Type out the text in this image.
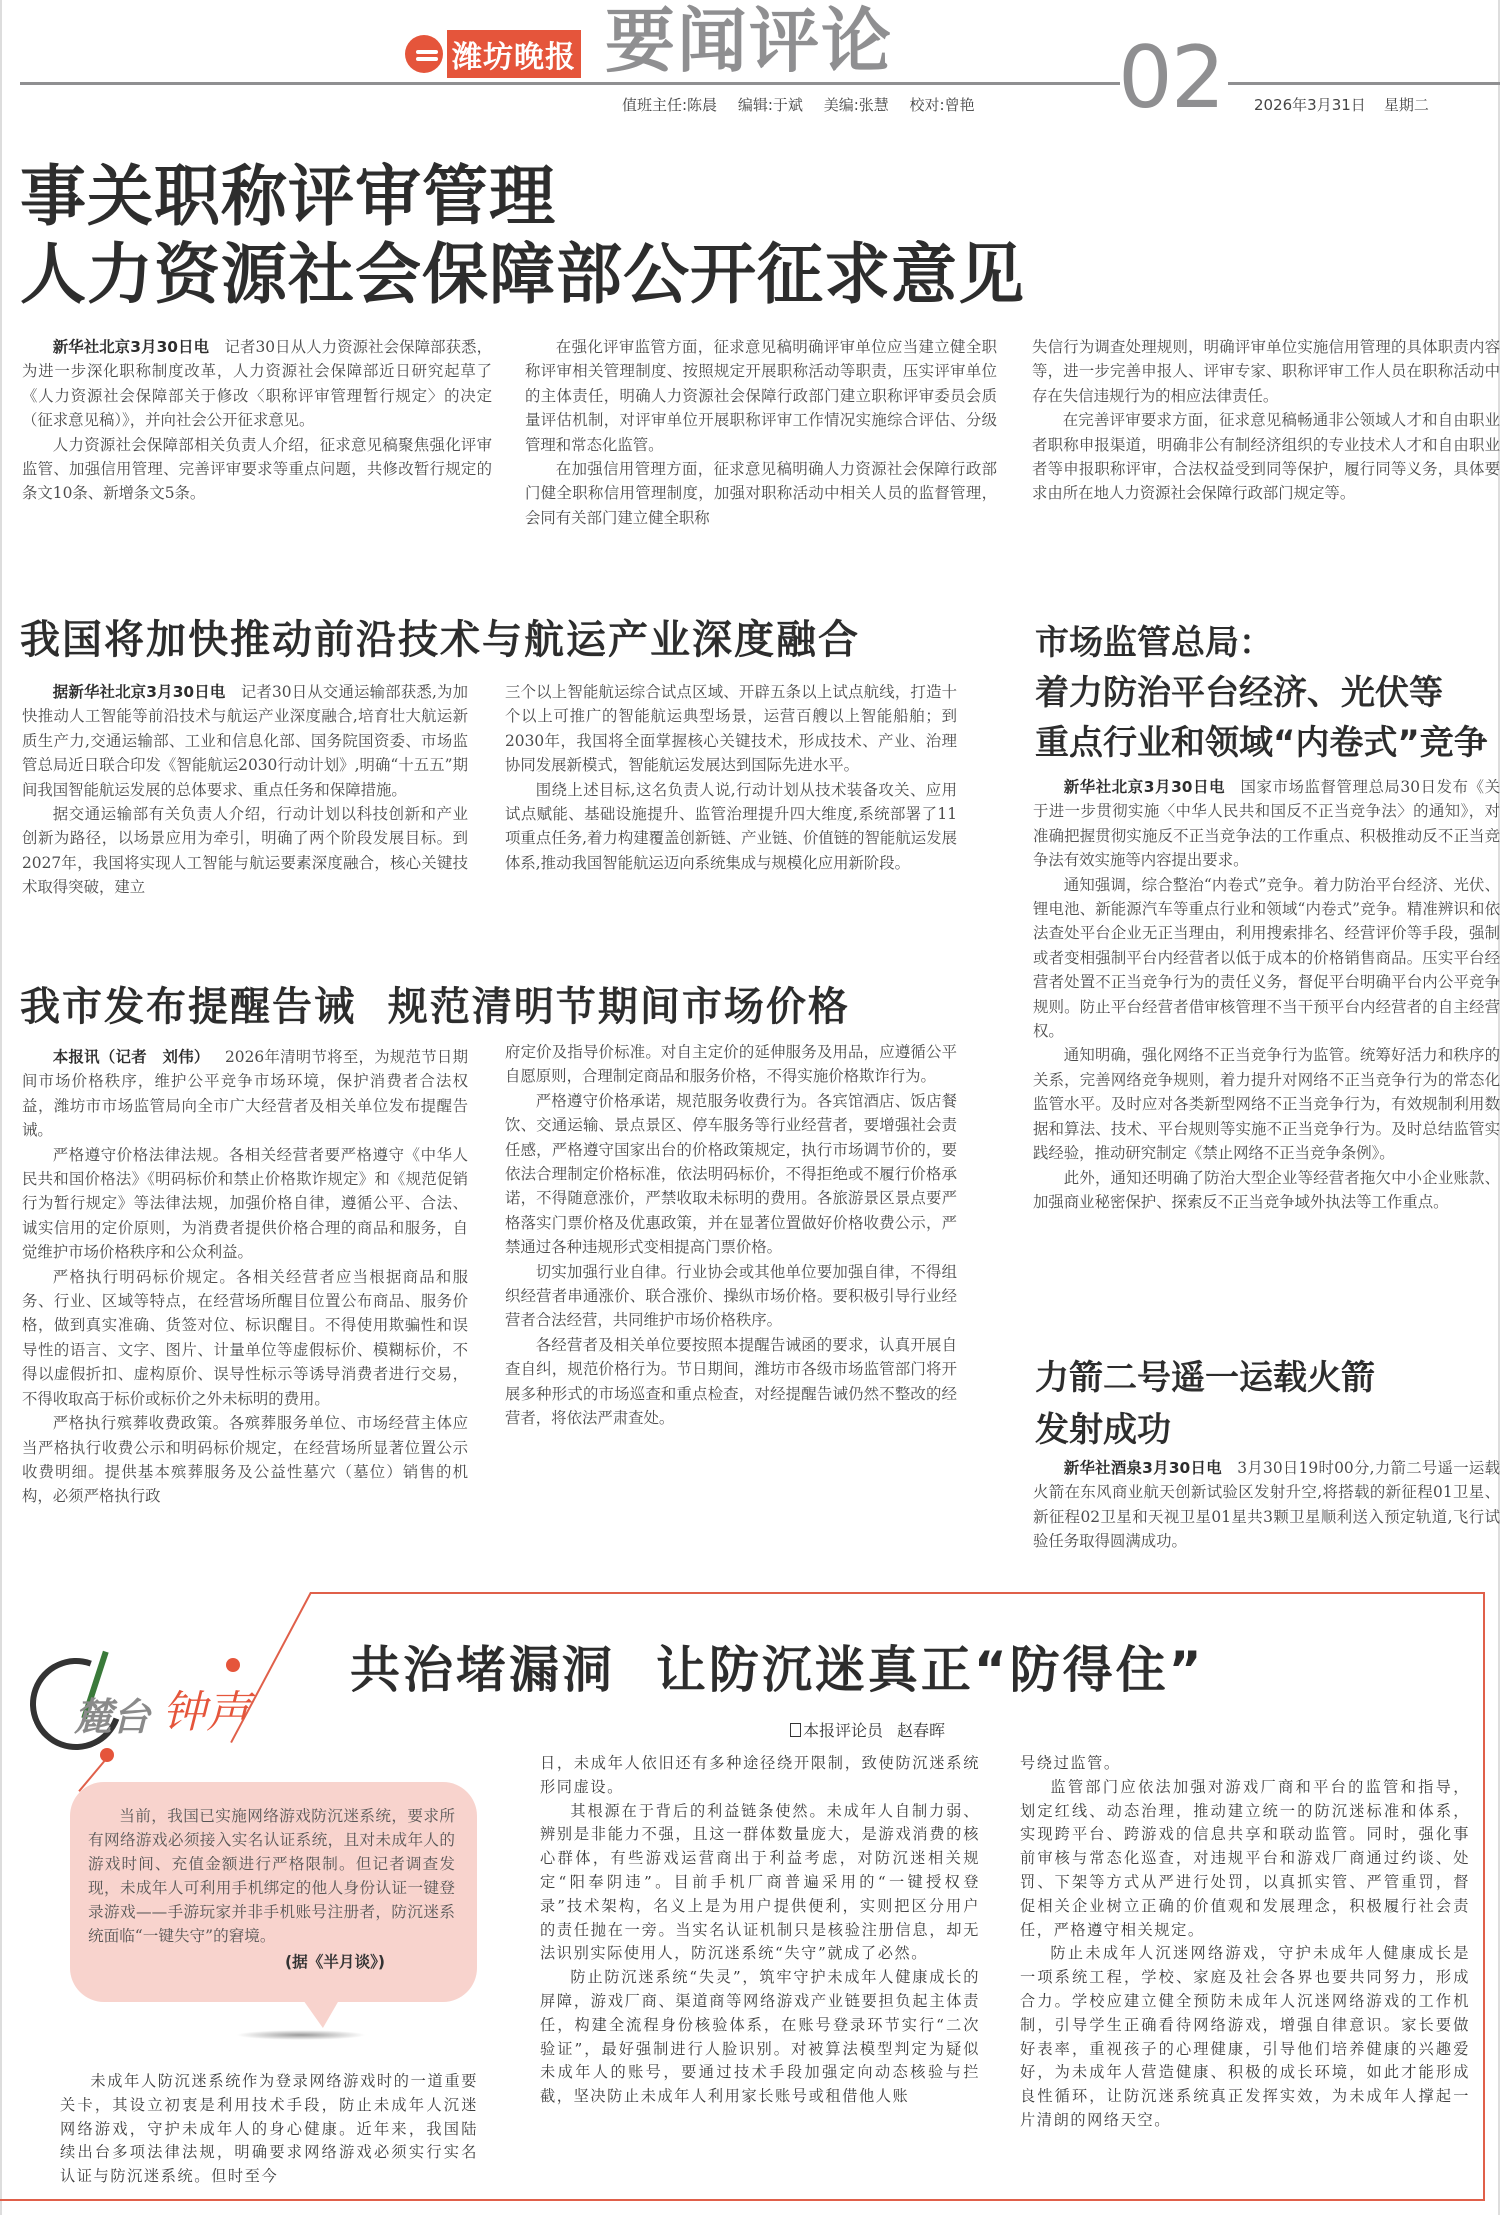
潍坊晚报 要闻评论	02
值班主任:陈晨 编辑:于斌 美编:张慧 校对:曾艳	2026年3月31日 星期二
事关职称评审管理
人力资源社会保障部公开征求意见

新华社北京3月30日电 记者30日从人力资源社会保障部获悉，为进一步深化职称制度改革，人力资源社会保障部近日研究起草了《人力资源社会保障部关于修改〈职称评审管理暂行规定〉的决定（征求意见稿）》，并向社会公开征求意见。

人力资源社会保障部相关负责人介绍，征求意见稿聚焦强化评审监管、加强信用管理、完善评审要求等重点问题，共修改暂行规定的条文10条、新增条文5条。

在强化评审监管方面，征求意见稿明确评审单位应当建立健全职称评审相关管理制度、按照规定开展职称活动等职责，压实评审单位的主体责任，明确人力资源社会保障行政部门建立职称评审委员会质量评估机制，对评审单位开展职称评审工作情况实施综合评估、分级管理和常态化监管。

在加强信用管理方面，征求意见稿明确人力资源社会保障行政部门健全职称信用管理制度，加强对职称活动中相关人员的监督管理，会同有关部门建立健全职称

失信行为调查处理规则，明确评审单位实施信用管理的具体职责内容等，进一步完善申报人、评审专家、职称评审工作人员在职称活动中存在失信违规行为的相应法律责任。

在完善评审要求方面，征求意见稿畅通非公领域人才和自由职业者职称申报渠道，明确非公有制经济组织的专业技术人才和自由职业者等申报职称评审，合法权益受到同等保护，履行同等义务，具体要求由所在地人力资源社会保障行政部门规定等。

我国将加快推动前沿技术与航运产业深度融合

据新华社北京3月30日电 记者30日从交通运输部获悉,为加快推动人工智能等前沿技术与航运产业深度融合,培育壮大航运新质生产力,交通运输部、工业和信息化部、国务院国资委、市场监管总局近日联合印发《智能航运2030行动计划》,明确“十五五”期间我国智能航运发展的总体要求、重点任务和保障措施。

据交通运输部有关负责人介绍，行动计划以科技创新和产业创新为路径，以场景应用为牵引，明确了两个阶段发展目标。到2027年，我国将实现人工智能与航运要素深度融合，核心关键技术取得突破，建立

三个以上智能航运综合试点区域、开辟五条以上试点航线，打造十个以上可推广的智能航运典型场景，运营百艘以上智能船舶；到2030年，我国将全面掌握核心关键技术，形成技术、产业、治理协同发展新模式，智能航运发展达到国际先进水平。

围绕上述目标,这名负责人说,行动计划从技术装备攻关、应用试点赋能、基础设施提升、监管治理提升四大维度,系统部署了11项重点任务,着力构建覆盖创新链、产业链、价值链的智能航运发展体系,推动我国智能航运迈向系统集成与规模化应用新阶段。

我市发布提醒告诫  规范清明节期间市场价格

本报讯（记者　刘伟） 2026年清明节将至，为规范节日期间市场价格秩序，维护公平竞争市场环境，保护消费者合法权益，潍坊市市场监管局向全市广大经营者及相关单位发布提醒告诫。

严格遵守价格法律法规。各相关经营者要严格遵守《中华人民共和国价格法》《明码标价和禁止价格欺诈规定》和《规范促销行为暂行规定》等法律法规，加强价格自律，遵循公平、合法、诚实信用的定价原则，为消费者提供价格合理的商品和服务，自觉维护市场价格秩序和公众利益。

严格执行明码标价规定。各相关经营者应当根据商品和服务、行业、区域等特点，在经营场所醒目位置公布商品、服务价格，做到真实准确、货签对位、标识醒目。不得使用欺骗性和误导性的语言、文字、图片、计量单位等虚假标价、模糊标价，不得以虚假折扣、虚构原价、误导性标示等诱导消费者进行交易，不得收取高于标价或标价之外未标明的费用。

严格执行殡葬收费政策。各殡葬服务单位、市场经营主体应当严格执行收费公示和明码标价规定，在经营场所显著位置公示收费明细。提供基本殡葬服务及公益性墓穴（墓位）销售的机构，必须严格执行政

府定价及指导价标准。对自主定价的延伸服务及用品，应遵循公平自愿原则，合理制定商品和服务价格，不得实施价格欺诈行为。

严格遵守价格承诺，规范服务收费行为。各宾馆酒店、饭店餐饮、交通运输、景点景区、停车服务等行业经营者，要增强社会责任感，严格遵守国家出台的价格政策规定，执行市场调节价的，要依法合理制定价格标准，依法明码标价，不得拒绝或不履行价格承诺，不得随意涨价，严禁收取未标明的费用。各旅游景区景点要严格落实门票价格及优惠政策，并在显著位置做好价格收费公示，严禁通过各种违规形式变相提高门票价格。

切实加强行业自律。行业协会或其他单位要加强自律，不得组织经营者串通涨价、联合涨价、操纵市场价格。要积极引导行业经营者合法经营，共同维护市场价格秩序。

各经营者及相关单位要按照本提醒告诫函的要求，认真开展自查自纠，规范价格行为。节日期间，潍坊市各级市场监管部门将开展多种形式的市场巡查和重点检查，对经提醒告诫仍然不整改的经营者，将依法严肃查处。

市场监管总局：
着力防治平台经济、光伏等
重点行业和领域“内卷式”竞争

新华社北京3月30日电 国家市场监督管理总局30日发布《关于进一步贯彻实施〈中华人民共和国反不正当竞争法〉的通知》，对准确把握贯彻实施反不正当竞争法的工作重点、积极推动反不正当竞争法有效实施等内容提出要求。

通知强调，综合整治“内卷式”竞争。着力防治平台经济、光伏、锂电池、新能源汽车等重点行业和领域“内卷式”竞争。精准辨识和依法查处平台企业无正当理由，利用搜索排名、经营评价等手段，强制或者变相强制平台内经营者以低于成本的价格销售商品。压实平台经营者处置不正当竞争行为的责任义务，督促平台明确平台内公平竞争规则。防止平台经营者借审核管理不当干预平台内经营者的自主经营权。

通知明确，强化网络不正当竞争行为监管。统筹好活力和秩序的关系，完善网络竞争规则，着力提升对网络不正当竞争行为的常态化监管水平。及时应对各类新型网络不正当竞争行为，有效规制利用数据和算法、技术、平台规则等实施不正当竞争行为。及时总结监管实践经验，推动研究制定《禁止网络不正当竞争条例》。

此外，通知还明确了防治大型企业等经营者拖欠中小企业账款、加强商业秘密保护、探索反不正当竞争域外执法等工作重点。

力箭二号遥一运载火箭
发射成功

新华社酒泉3月30日电 3月30日19时00分,力箭二号遥一运载火箭在东风商业航天创新试验区发射升空,将搭载的新征程01卫星、新征程02卫星和天视卫星01星共3颗卫星顺利送入预定轨道,飞行试验任务取得圆满成功。

麓台 钟声
共治堵漏洞  让防沉迷真正“防得住”
本报评论员 赵春晖

当前，我国已实施网络游戏防沉迷系统，要求所有网络游戏必须接入实名认证系统，且对未成年人的游戏时间、充值金额进行严格限制。但记者调查发现，未成年人可利用手机绑定的他人身份认证一键登录游戏——手游玩家并非手机账号注册者，防沉迷系统面临“一键失守”的窘境。

(据《半月谈》)

未成年人防沉迷系统作为登录网络游戏时的一道重要关卡，其设立初衷是利用技术手段，防止未成年人沉迷网络游戏，守护未成年人的身心健康。近年来，我国陆续出台多项法律法规，明确要求网络游戏必须实行实名认证与防沉迷系统。但时至今

日，未成年人依旧还有多种途径绕开限制，致使防沉迷系统形同虚设。

其根源在于背后的利益链条使然。未成年人自制力弱、辨别是非能力不强，且这一群体数量庞大，是游戏消费的核心群体，有些游戏运营商出于利益考虑，对防沉迷相关规定“阳奉阴违”。目前手机厂商普遍采用的“一键授权登录”技术架构，名义上是为用户提供便利，实则把区分用户的责任抛在一旁。当实名认证机制只是核验注册信息，却无法识别实际使用人，防沉迷系统“失守”就成了必然。

防止防沉迷系统“失灵”，筑牢守护未成年人健康成长的屏障，游戏厂商、渠道商等网络游戏产业链要担负起主体责任，构建全流程身份核验体系，在账号登录环节实行“二次验证”，最好强制进行人脸识别。对被算法模型判定为疑似未成年人的账号，要通过技术手段加强定向动态核验与拦截，坚决防止未成年人利用家长账号或租借他人账

号绕过监管。

监管部门应依法加强对游戏厂商和平台的监管和指导，划定红线、动态治理，推动建立统一的防沉迷标准和体系，实现跨平台、跨游戏的信息共享和联动监管。同时，强化事前审核与常态化巡查，对违规平台和游戏厂商通过约谈、处罚、下架等方式从严进行处罚，以真抓实管、严管重罚，督促相关企业树立正确的价值观和发展理念，积极履行社会责任，严格遵守相关规定。

防止未成年人沉迷网络游戏，守护未成年人健康成长是一项系统工程，学校、家庭及社会各界也要共同努力，形成合力。学校应建立健全预防未成年人沉迷网络游戏的工作机制，引导学生正确看待网络游戏，增强自律意识。家长要做好表率，重视孩子的心理健康，引导他们培养健康的兴趣爱好，为未成年人营造健康、积极的成长环境，如此才能形成良性循环，让防沉迷系统真正发挥实效，为未成年人撑起一片清朗的网络天空。
